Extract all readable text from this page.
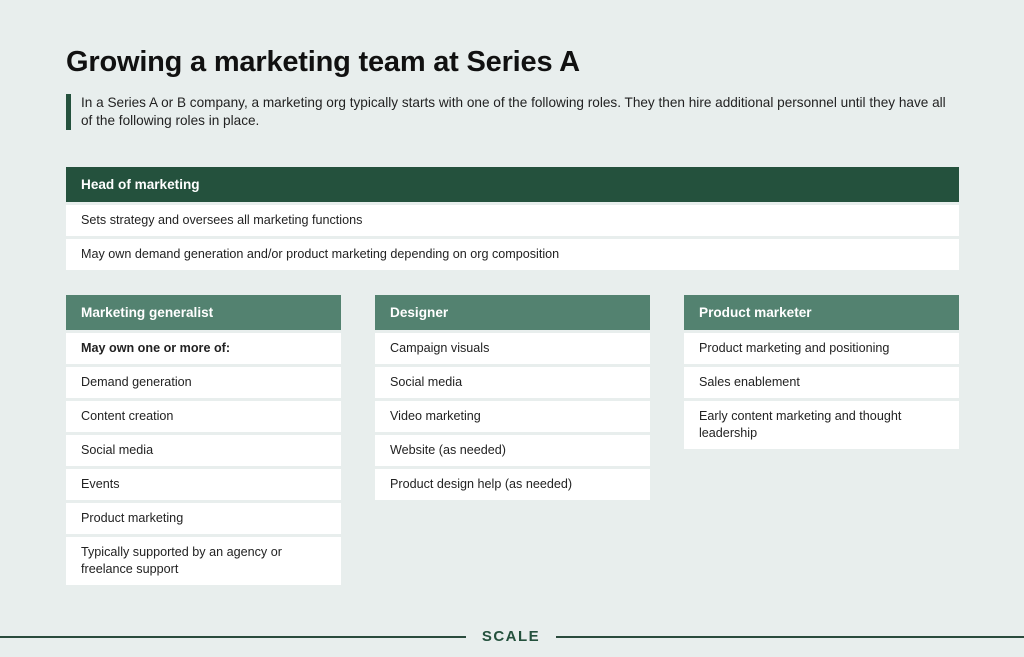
Growing a marketing team at Series A

In a Series A or B company, a marketing org typically starts with one of the following roles. They then hire additional personnel until they have all of the following roles in place.

Head of marketing
Sets strategy and oversees all marketing functions
May own demand generation and/or product marketing depending on org composition
Marketing generalist
May own one or more of:
Demand generation
Content creation
Social media
Events
Product marketing
Typically supported by an agency or freelance support
Designer
Campaign visuals
Social media
Video marketing
Website (as needed)
Product design help (as needed)
Product marketer
Product marketing and positioning
Sales enablement
Early content marketing and thought leadership
SCALE
